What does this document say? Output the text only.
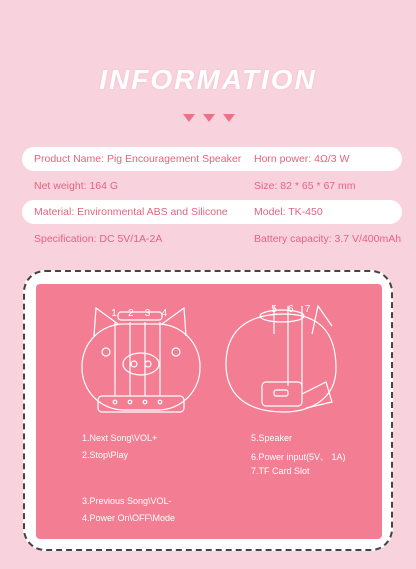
INFORMATION
Product Name: Pig Encouragement Speaker Horn power: 4Ω/3 W
Net weight: 164 G	Size: 82 * 65 * 67 mm
Material: Environmental ABS and Silicone Model: TK-450
Specification: DC 5V/1A-2A	Battery capacity: 3.7 V/400mAh
1 2 3 4	5 6 7
1.Next Song\VOL+
2.Stop\Play
3.Previous Song\VOL-
4.Power On\OFF\Mode
5.Speaker
6.Power input(5V、 1A)
7.TF Card Slot
